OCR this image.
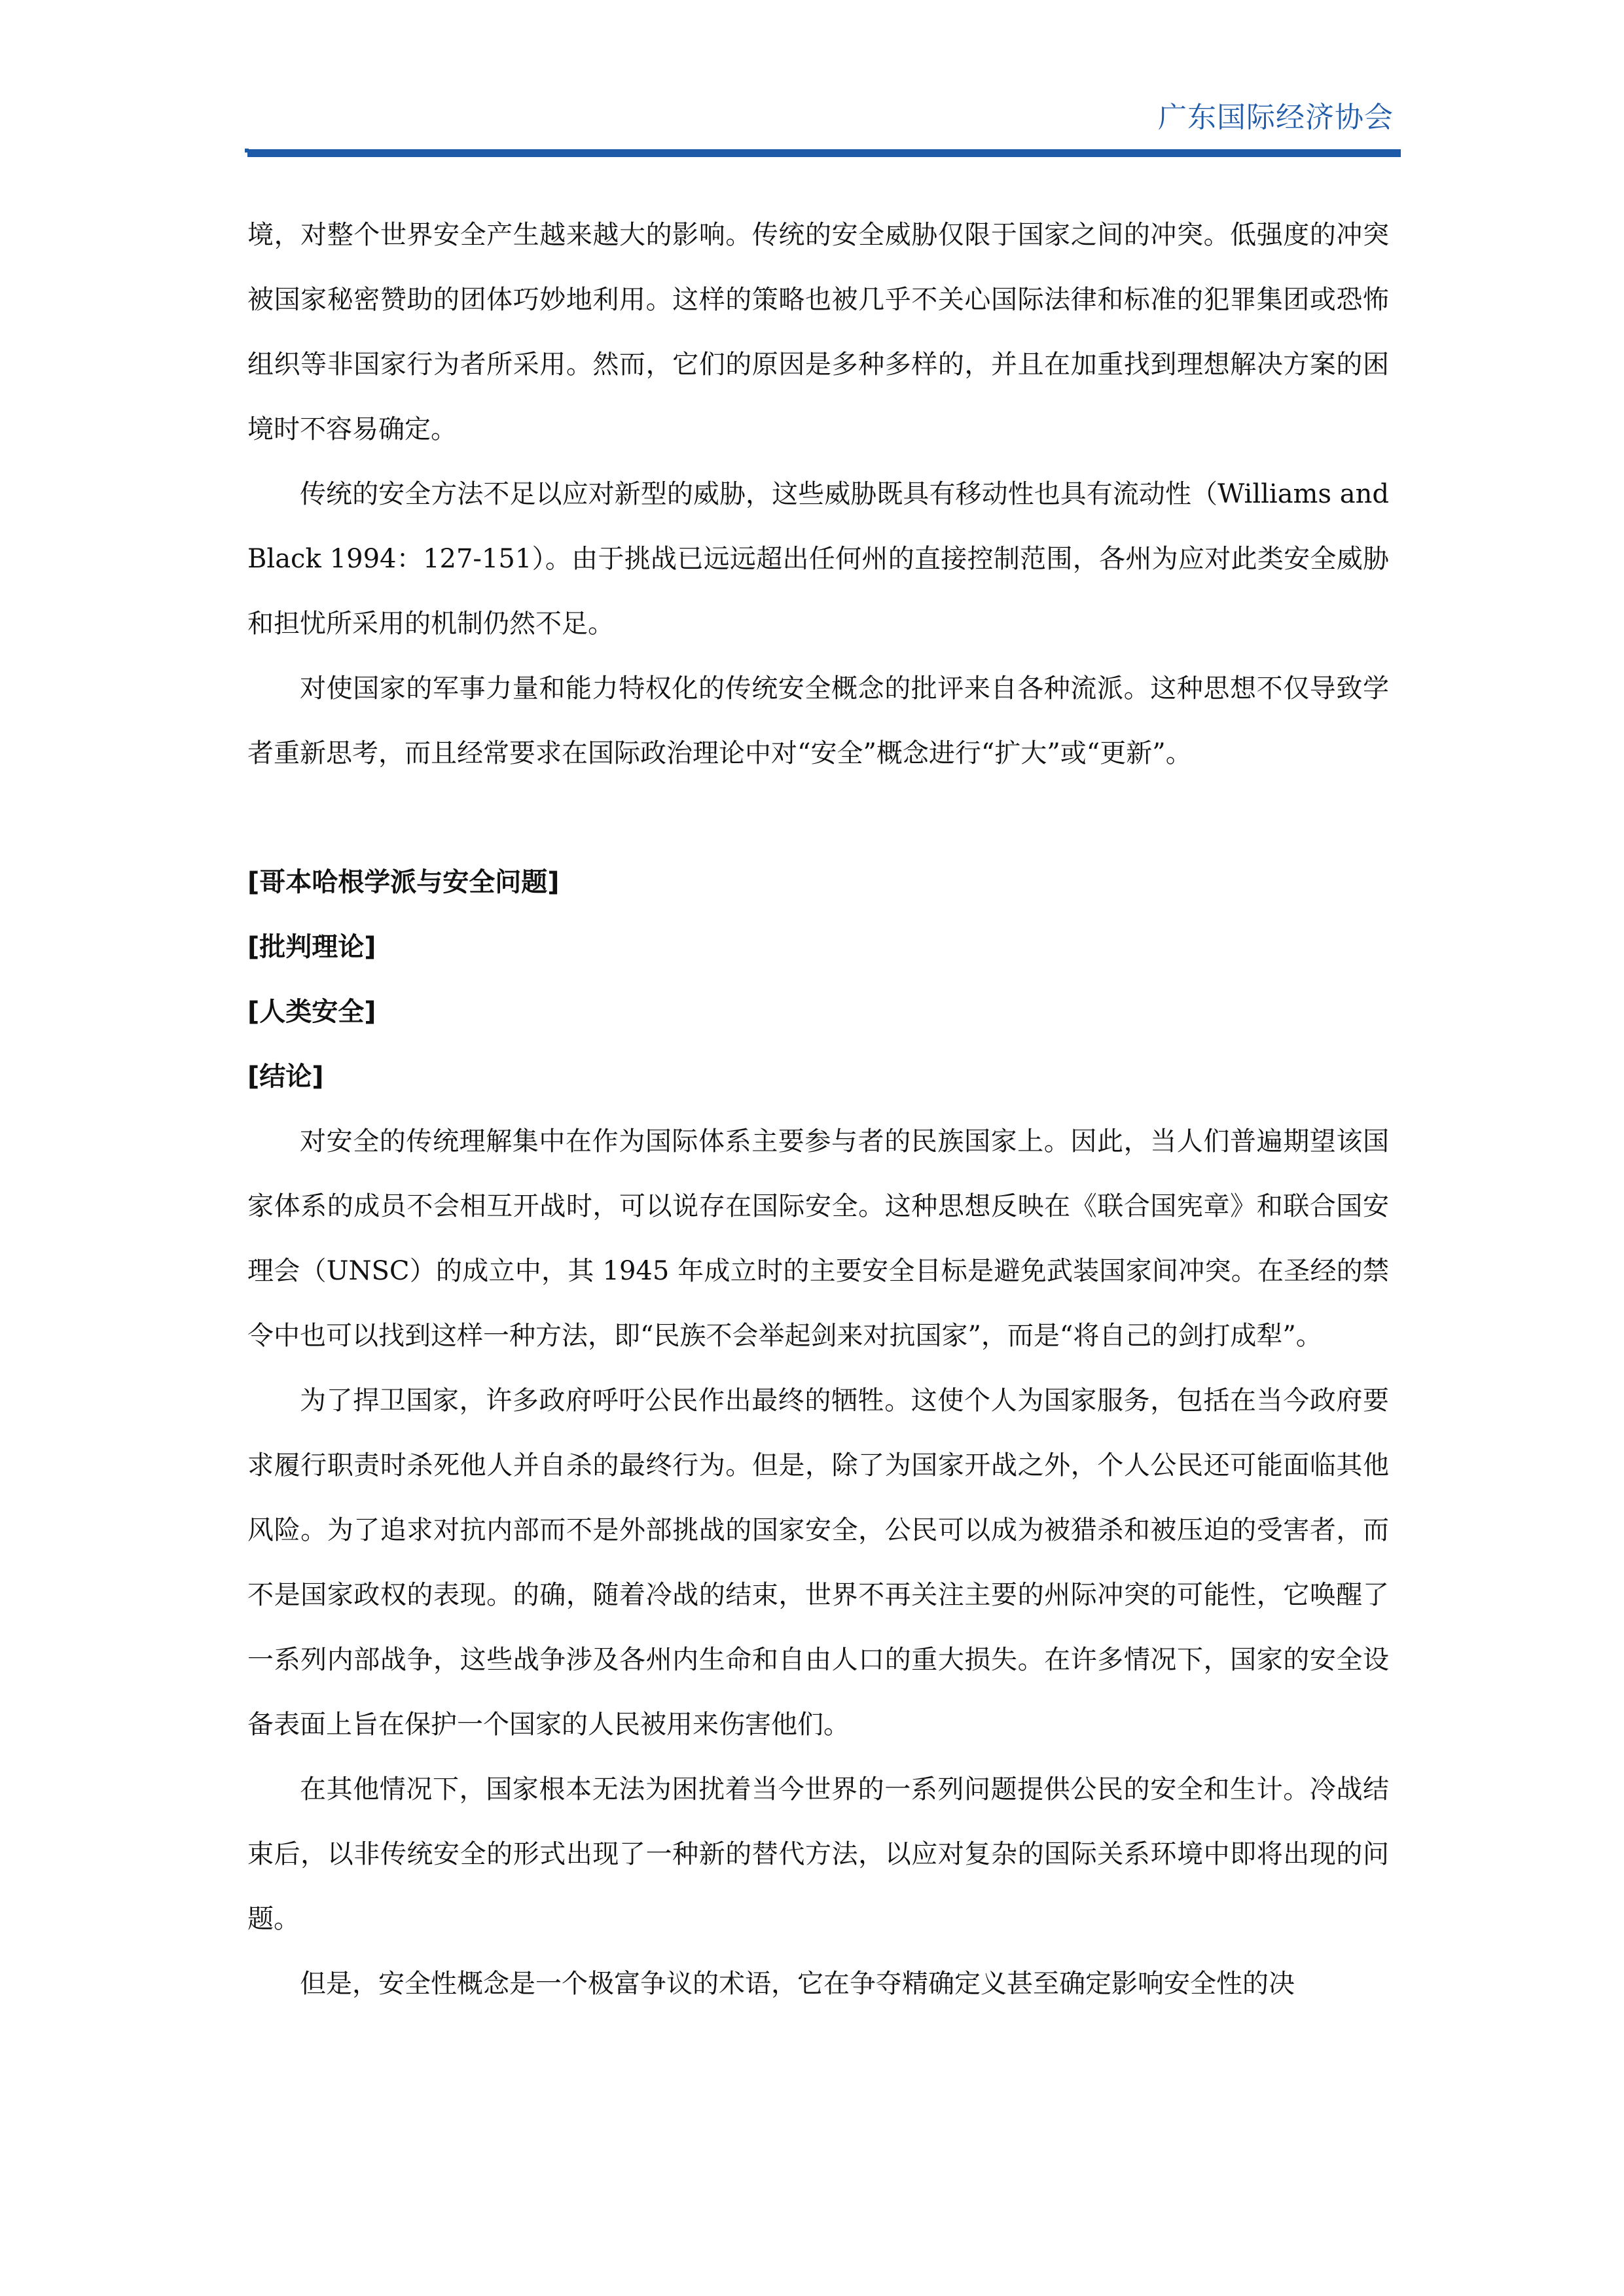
广东国际经济协会

境，对整个世界安全产生越来越大的影响。传统的安全威胁仅限于国家之间的冲突。低强度的冲突被国家秘密赞助的团体巧妙地利用。这样的策略也被几乎不关心国际法律和标准的犯罪集团或恐怖组织等非国家行为者所采用。然而，它们的原因是多种多样的，并且在加重找到理想解决方案的困境时不容易确定。

传统的安全方法不足以应对新型的威胁，这些威胁既具有移动性也具有流动性（Williams and Black 1994：127-151）。由于挑战已远远超出任何州的直接控制范围，各州为应对此类安全威胁和担忧所采用的机制仍然不足。

对使国家的军事力量和能力特权化的传统安全概念的批评来自各种流派。这种思想不仅导致学者重新思考，而且经常要求在国际政治理论中对“安全”概念进行“扩大”或“更新”。

[哥本哈根学派与安全问题]

[批判理论]

[人类安全]

[结论]

对安全的传统理解集中在作为国际体系主要参与者的民族国家上。因此，当人们普遍期望该国家体系的成员不会相互开战时，可以说存在国际安全。这种思想反映在《联合国宪章》和联合国安理会（UNSC）的成立中，其 1945 年成立时的主要安全目标是避免武装国家间冲突。在圣经的禁令中也可以找到这样一种方法，即“民族不会举起剑来对抗国家”，而是“将自己的剑打成犁”。

为了捍卫国家，许多政府呼吁公民作出最终的牺牲。这使个人为国家服务，包括在当今政府要求履行职责时杀死他人并自杀的最终行为。但是，除了为国家开战之外，个人公民还可能面临其他风险。为了追求对抗内部而不是外部挑战的国家安全，公民可以成为被猎杀和被压迫的受害者，而不是国家政权的表现。的确，随着冷战的结束，世界不再关注主要的州际冲突的可能性，它唤醒了一系列内部战争，这些战争涉及各州内生命和自由人口的重大损失。在许多情况下，国家的安全设备表面上旨在保护一个国家的人民被用来伤害他们。

在其他情况下，国家根本无法为困扰着当今世界的一系列问题提供公民的安全和生计。冷战结束后，以非传统安全的形式出现了一种新的替代方法，以应对复杂的国际关系环境中即将出现的问题。

但是，安全性概念是一个极富争议的术语，它在争夺精确定义甚至确定影响安全性的决
